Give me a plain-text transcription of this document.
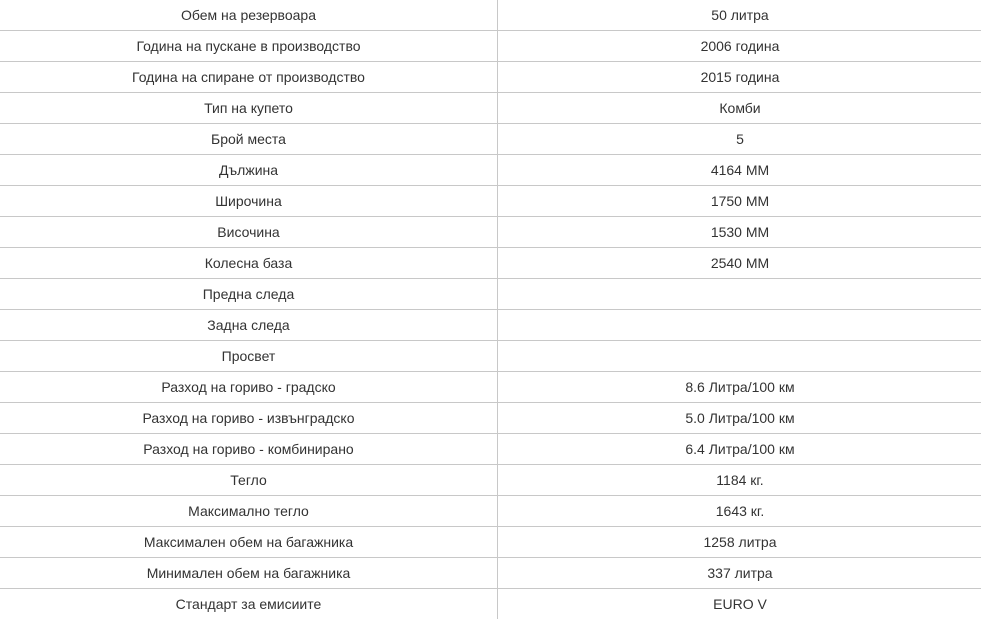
Обем на резервоара	50 литра
Година на пускане в производство	2006 година
Година на спиране от производство	2015 година
Тип на купето	Комби
Брой места	5
Дължина	4164 ММ
Широчина	1750 ММ
Височина	1530 ММ
Колесна база	2540 ММ
Предна следа	
Задна следа	
Просвет	
Разход на гориво - градско	8.6 Литра/100 км
Разход на гориво - извънградско	5.0 Литра/100 км
Разход на гориво - комбинирано	6.4 Литра/100 км
Тегло	1184 кг.
Максимално тегло	1643 кг.
Максимален обем на багажника	1258 литра
Минимален обем на багажника	337 литра
Стандарт за емисиите	EURO V
